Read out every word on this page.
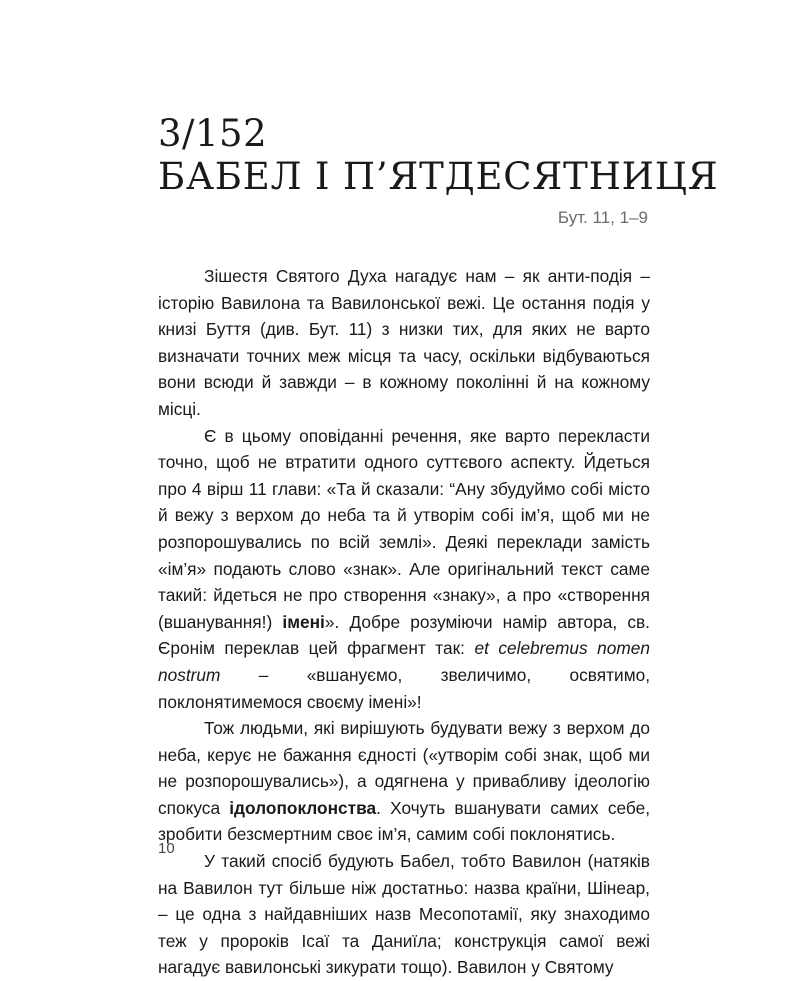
3/152
БАБЕЛ І П’ЯТДЕСЯТНИЦЯ
Бут. 11, 1–9

Зішестя Святого Духа нагадує нам – як анти-подія – історію Вавилона та Вавилонської вежі. Це остання подія у книзі Буття (див. Бут. 11) з низки тих, для яких не варто визначати точних меж місця та часу, оскільки відбуваються вони всюди й завжди – в кожному поколінні й на кожному місці.

Є в цьому оповіданні речення, яке варто перекласти точно, щоб не втратити одного суттєвого аспекту. Йдеться про 4 вірш 11 глави: «Та й сказали: “Ану збудуймо собі місто й вежу з верхом до неба та й утворім собі ім’я, щоб ми не розпорошувались по всій землі». Деякі переклади замість «ім’я» подають слово «знак». Але оригінальний текст саме такий: йдеться не про створення «знаку», а про «створення (вшанування!) імені». Добре розуміючи намір автора, св. Єронім переклав цей фрагмент так: et celebremus nomen nostrum – «вшануємо, звеличимо, освятимо, поклонятимемося своєму імені»!

Тож людьми, які вирішують будувати вежу з верхом до неба, керує не бажання єдності («утворім собі знак, щоб ми не розпорошувались»), а одягнена у привабливу ідеологію спокуса ідолопоклонства. Хочуть вшанувати самих себе, зробити безсмертним своє ім’я, самим собі поклонятись.

У такий спосіб будують Бабел, тобто Вавилон (натяків на Вавилон тут більше ніж достатньо: назва країни, Шінеар, – це одна з найдавніших назв Месопотамії, яку знаходимо теж у пророків Ісаї та Даниїла; конструкція самої вежі нагадує вавилонські зикурати тощо). Вавилон у Святому

10
